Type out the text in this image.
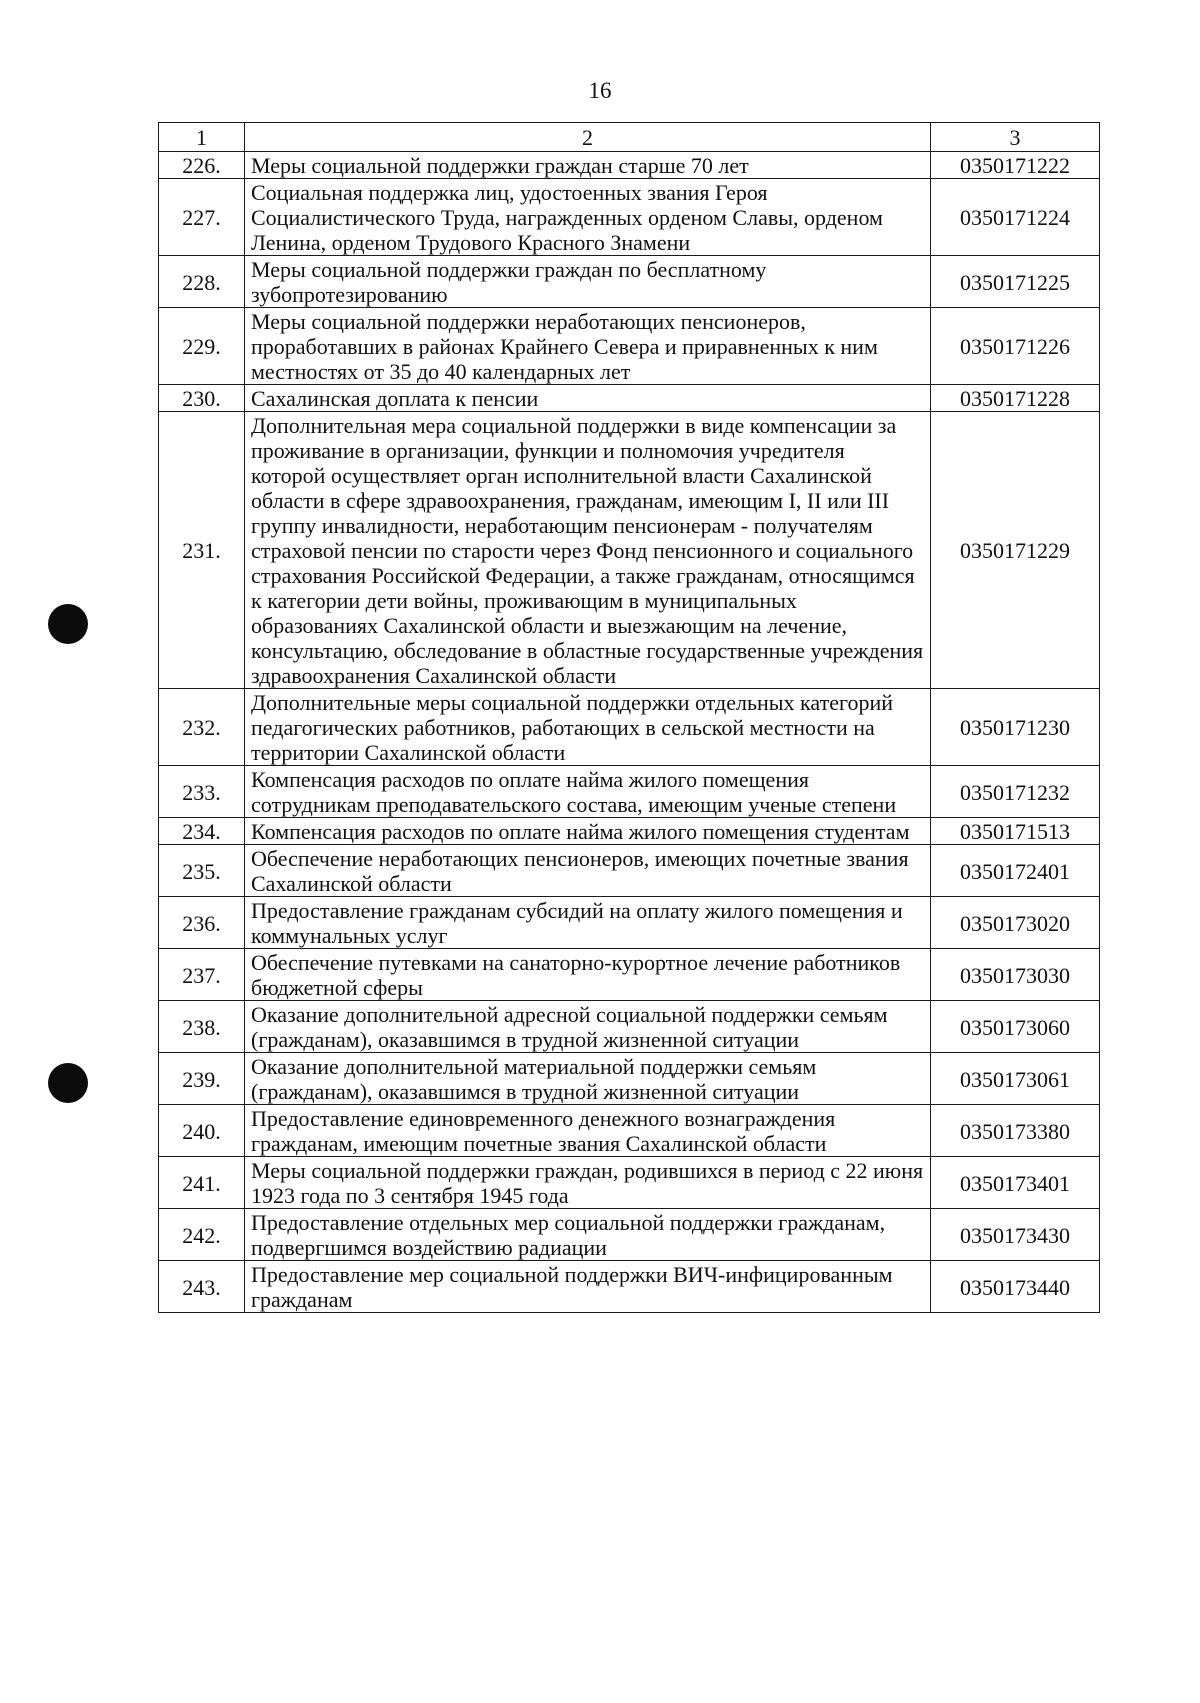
16
1	2	3
226.	Меры социальной поддержки граждан старше 70 лет	0350171222
227.	Социальная поддержка лиц, удостоенных звания Героя Социалистического Труда, награжденных орденом Славы, орденом Ленина, орденом Трудового Красного Знамени	0350171224
228.	Меры социальной поддержки граждан по бесплатному зубопротезированию	0350171225
229.	Меры социальной поддержки неработающих пенсионеров, проработавших в районах Крайнего Севера и приравненных к ним местностях от 35 до 40 календарных лет	0350171226
230.	Сахалинская доплата к пенсии	0350171228
231.	Дополнительная мера социальной поддержки в виде компенсации за проживание в организации, функции и полномочия учредителя которой осуществляет орган исполнительной власти Сахалинской области в сфере здравоохранения, гражданам, имеющим I, II или III группу инвалидности, неработающим пенсионерам - получателям страховой пенсии по старости через Фонд пенсионного и социального страхования Российской Федерации, а также гражданам, относящимся к категории дети войны, проживающим в муниципальных образованиях Сахалинской области и выезжающим на лечение, консультацию, обследование в областные государственные учреждения здравоохранения Сахалинской области	0350171229
232.	Дополнительные меры социальной поддержки отдельных категорий педагогических работников, работающих в сельской местности на территории Сахалинской области	0350171230
233.	Компенсация расходов по оплате найма жилого помещения сотрудникам преподавательского состава, имеющим ученые степени	0350171232
234.	Компенсация расходов по оплате найма жилого помещения студентам	0350171513
235.	Обеспечение неработающих пенсионеров, имеющих почетные звания Сахалинской области	0350172401
236.	Предоставление гражданам субсидий на оплату жилого помещения и коммунальных услуг	0350173020
237.	Обеспечение путевками на санаторно-курортное лечение работников бюджетной сферы	0350173030
238.	Оказание дополнительной адресной социальной поддержки семьям (гражданам), оказавшимся в трудной жизненной ситуации	0350173060
239.	Оказание дополнительной материальной поддержки семьям (гражданам), оказавшимся в трудной жизненной ситуации	0350173061
240.	Предоставление единовременного денежного вознаграждения гражданам, имеющим почетные звания Сахалинской области	0350173380
241.	Меры социальной поддержки граждан, родившихся в период с 22 июня 1923 года по 3 сентября 1945 года	0350173401
242.	Предоставление отдельных мер социальной поддержки гражданам, подвергшимся воздействию радиации	0350173430
243.	Предоставление мер социальной поддержки ВИЧ-инфицированным гражданам	0350173440
